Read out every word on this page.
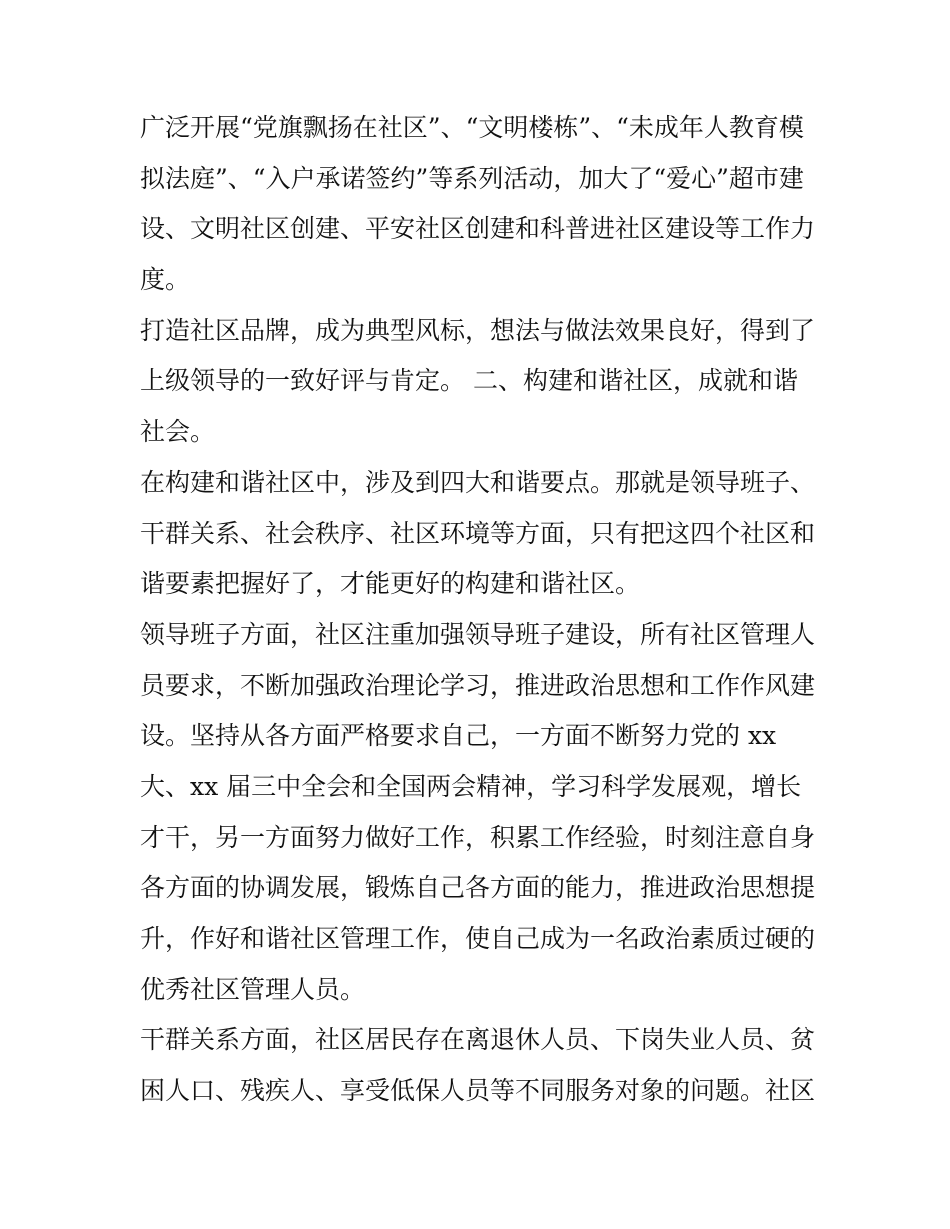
广泛开展“党旗飘扬在社区”、“文明楼栋”、“未成年人教育模
拟法庭”、“入户承诺签约”等系列活动，加大了“爱心”超市建
设、文明社区创建、平安社区创建和科普进社区建设等工作力
度。
打造社区品牌，成为典型风标，想法与做法效果良好，得到了
上级领导的一致好评与肯定。 二、构建和谐社区，成就和谐
社会。
在构建和谐社区中，涉及到四大和谐要点。那就是领导班子、
干群关系、社会秩序、社区环境等方面，只有把这四个社区和
谐要素把握好了，才能更好的构建和谐社区。
领导班子方面，社区注重加强领导班子建设，所有社区管理人
员要求，不断加强政治理论学习，推进政治思想和工作作风建
设。坚持从各方面严格要求自己，一方面不断努力党的 xx
大、xx 届三中全会和全国两会精神，学习科学发展观，增长
才干，另一方面努力做好工作，积累工作经验，时刻注意自身
各方面的协调发展，锻炼自己各方面的能力，推进政治思想提
升，作好和谐社区管理工作，使自己成为一名政治素质过硬的
优秀社区管理人员。
干群关系方面，社区居民存在离退休人员、下岗失业人员、贫
困人口、残疾人、享受低保人员等不同服务对象的问题。社区
